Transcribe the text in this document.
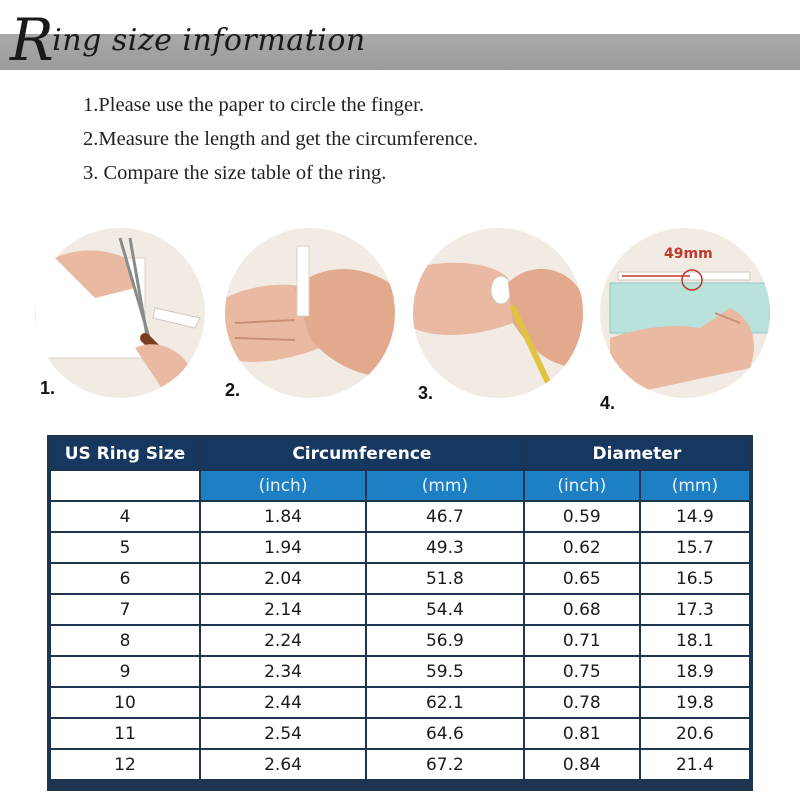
Ring size information
1.Please use the paper to circle the finger.
2.Measure the length and get the circumference.
3. Compare the size table of the ring.
1.	2.	3.
49mm
4.
US Ring Size	Circumference		Diameter	
	(inch)	(mm)	(inch)	(mm)
4	1.84	46.7	0.59	14.9
5	1.94	49.3	0.62	15.7
6	2.04	51.8	0.65	16.5
7	2.14	54.4	0.68	17.3
8	2.24	56.9	0.71	18.1
9	2.34	59.5	0.75	18.9
10	2.44	62.1	0.78	19.8
11	2.54	64.6	0.81	20.6
12	2.64	67.2	0.84	21.4
